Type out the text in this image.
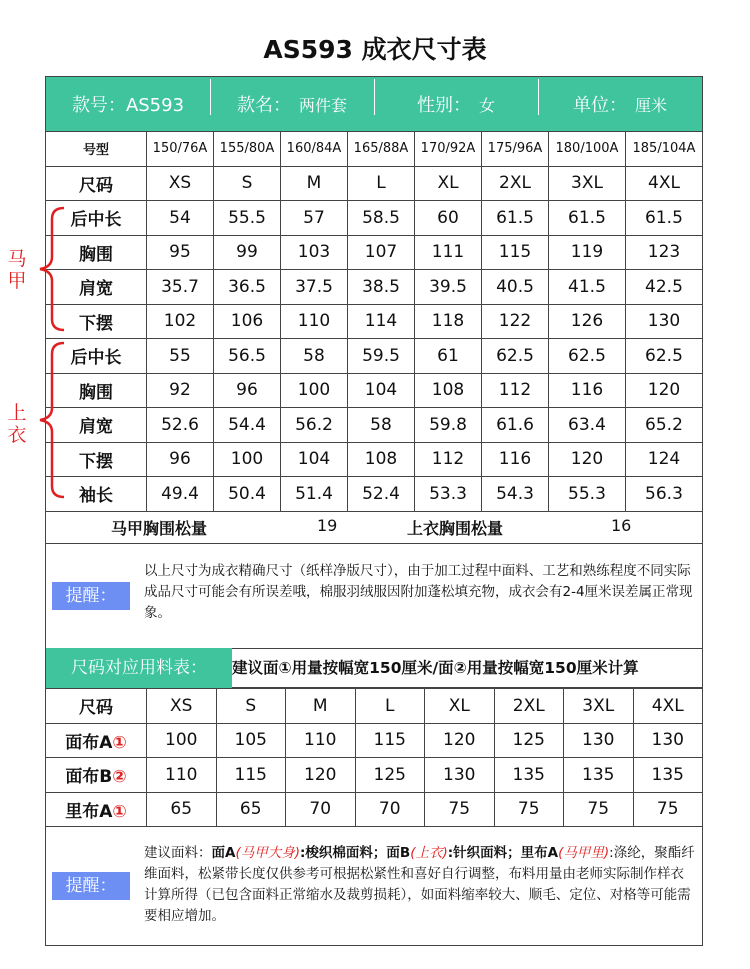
AS593 成衣尺寸表
款号：AS593	款名： 两件套	性别： 女	单位： 厘米
号型	150/76A	155/80A	160/84A	165/88A	170/92A	175/96A	180/100A	185/104A
尺码	XS	S	M	L	XL	2XL	3XL	4XL
后中长	54	55.5	57	58.5	60	61.5	61.5	61.5
胸围	95	99	103	107	111	115	119	123
肩宽	35.7	36.5	37.5	38.5	39.5	40.5	41.5	42.5
下摆	102	106	110	114	118	122	126	130
后中长	55	56.5	58	59.5	61	62.5	62.5	62.5
胸围	92	96	100	104	108	112	116	120
肩宽	52.6	54.4	56.2	58	59.8	61.6	63.4	65.2
下摆	96	100	104	108	112	116	120	124
袖长	49.4	50.4	51.4	52.4	53.3	54.3	55.3	56.3
马甲
上衣
马甲胸围松量	19	上衣胸围松量	16
提醒：
以上尺寸为成衣精确尺寸（纸样净版尺寸），由于加工过程中面料、工艺和熟练程度不同实际成品尺寸可能会有所误差哦，棉服羽绒服因附加蓬松填充物，成衣会有2-4厘米误差属正常现象。
尺码对应用料表：	建议面①用量按幅宽150厘米/面②用量按幅宽150厘米计算
尺码	XS	S	M	L	XL	2XL	3XL	4XL
面布A①	100	105	110	115	120	125	130	130
面布B②	110	115	120	125	130	135	135	135
里布A①	65	65	70	70	75	75	75	75
提醒：
建议面料：面A(马甲大身):梭织棉面料；面B(上衣):针织面料；里布A(马甲里):涤纶，聚酯纤维面料，松紧带长度仅供参考可根据松紧性和喜好自行调整，布料用量由老师实际制作样衣计算所得（已包含面料正常缩水及裁剪损耗），如面料缩率较大、顺毛、定位、对格等可能需要相应增加。
